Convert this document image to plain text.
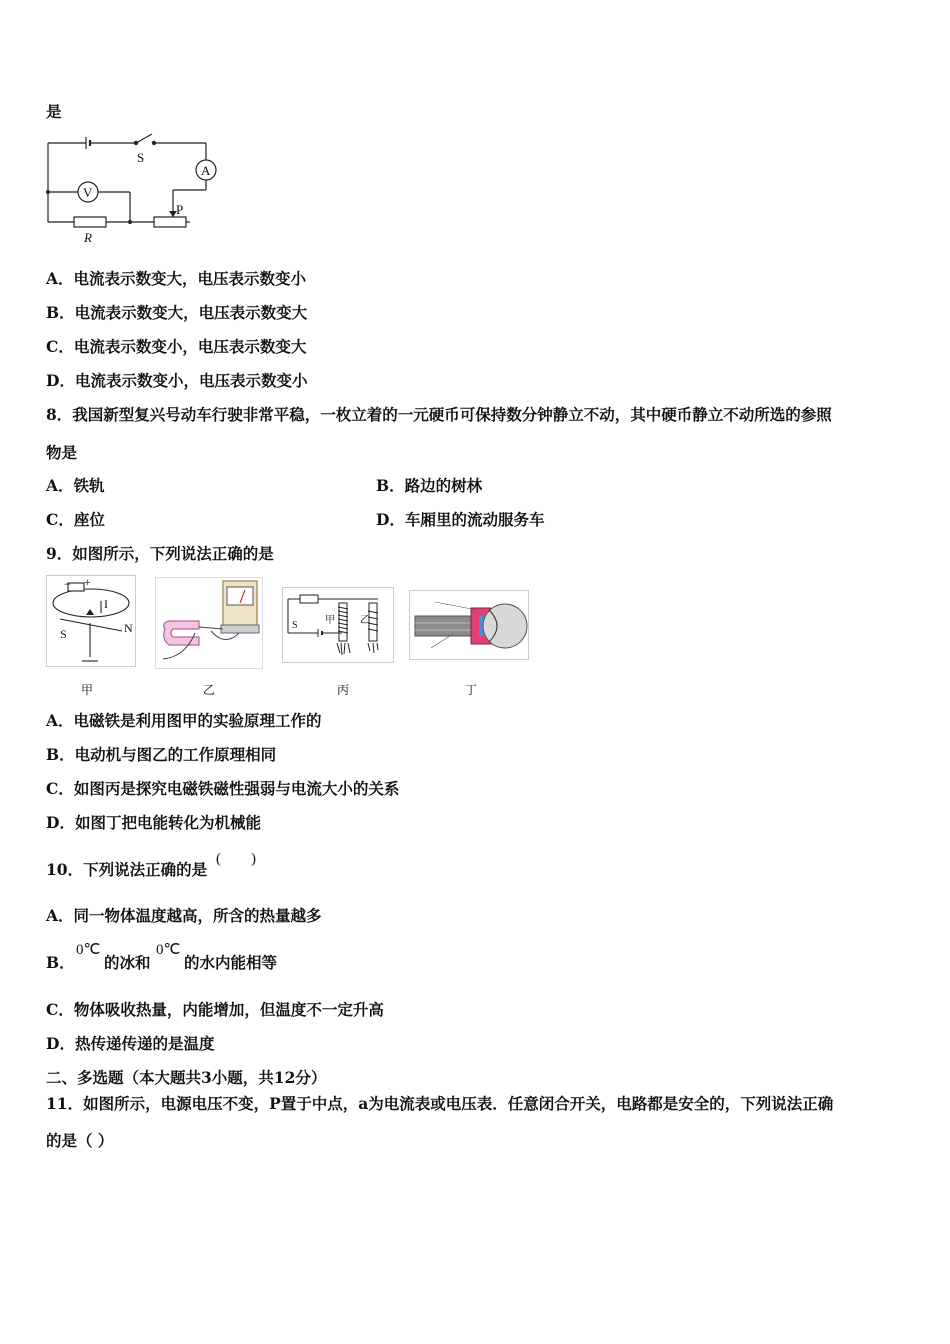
是
S
A
V
P
R
A．电流表示数变大，电压表示数变小
B．电流表示数变大，电压表示数变大
C．电流表示数变小，电压表示数变大
D．电流表示数变小，电压表示数变小
8．我国新型复兴号动车行驶非常平稳，一枚立着的一元硬币可保持数分钟静立不动，其中硬币静立不动所选的参照
物是
A．铁轨	B．路边的树林
C．座位	D．车厢里的流动服务车
9．如图所示，下列说法正确的是
− +
I
S	N	S	甲	乙
甲	乙	丙	丁
A．电磁铁是利用图甲的实验原理工作的
B．电动机与图乙的工作原理相同
C．如图丙是探究电磁铁磁性强弱与电流大小的关系
D．如图丁把电能转化为机械能
10．下列说法正确的是
(　　)
A．同一物体温度越高，所含的热量越多
B．
0℃
的冰和
0℃
的水内能相等
C．物体吸收热量，内能增加，但温度不一定升高
D．热传递传递的是温度
二、多选题（本大题共3小题，共12分）
11．如图所示，电源电压不变，P置于中点，a为电流表或电压表．任意闭合开关，电路都是安全的，下列说法正确
的是（ ）
